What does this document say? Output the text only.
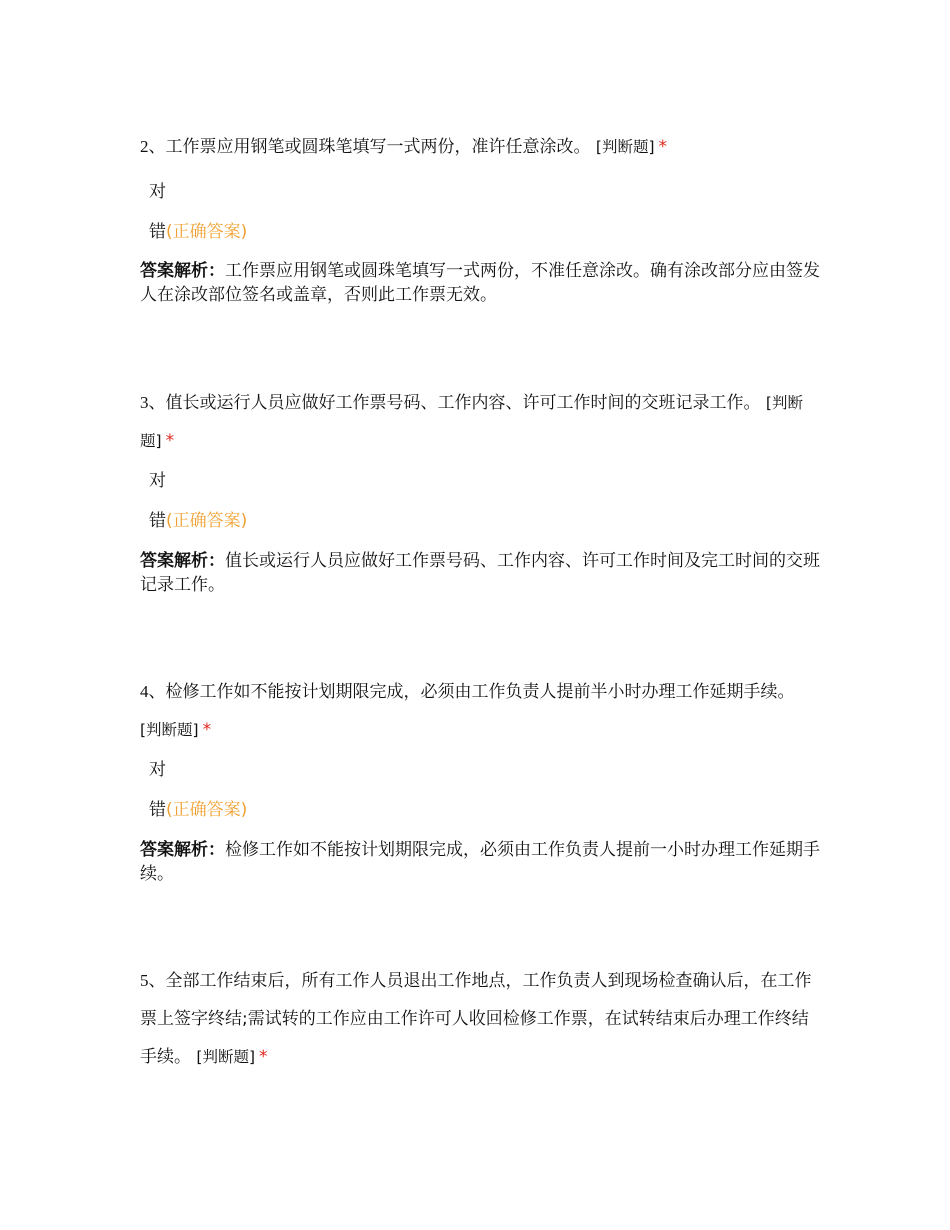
2、工作票应用钢笔或圆珠笔填写一式两份，准许任意涂改。 [判断题] *

对
错(正确答案)

答案解析：工作票应用钢笔或圆珠笔填写一式两份，不准任意涂改。确有涂改部分应由签发人在涂改部位签名或盖章，否则此工作票无效。

3、值长或运行人员应做好工作票号码、工作内容、许可工作时间的交班记录工作。 [判断题] *

对
错(正确答案)

答案解析：值长或运行人员应做好工作票号码、工作内容、许可工作时间及完工时间的交班记录工作。

4、检修工作如不能按计划期限完成，必须由工作负责人提前半小时办理工作延期手续。 [判断题] *

对
错(正确答案)

答案解析：检修工作如不能按计划期限完成，必须由工作负责人提前一小时办理工作延期手续。

5、全部工作结束后，所有工作人员退出工作地点，工作负责人到现场检查确认后，在工作票上签字终结;需试转的工作应由工作许可人收回检修工作票，在试转结束后办理工作终结手续。 [判断题] *
